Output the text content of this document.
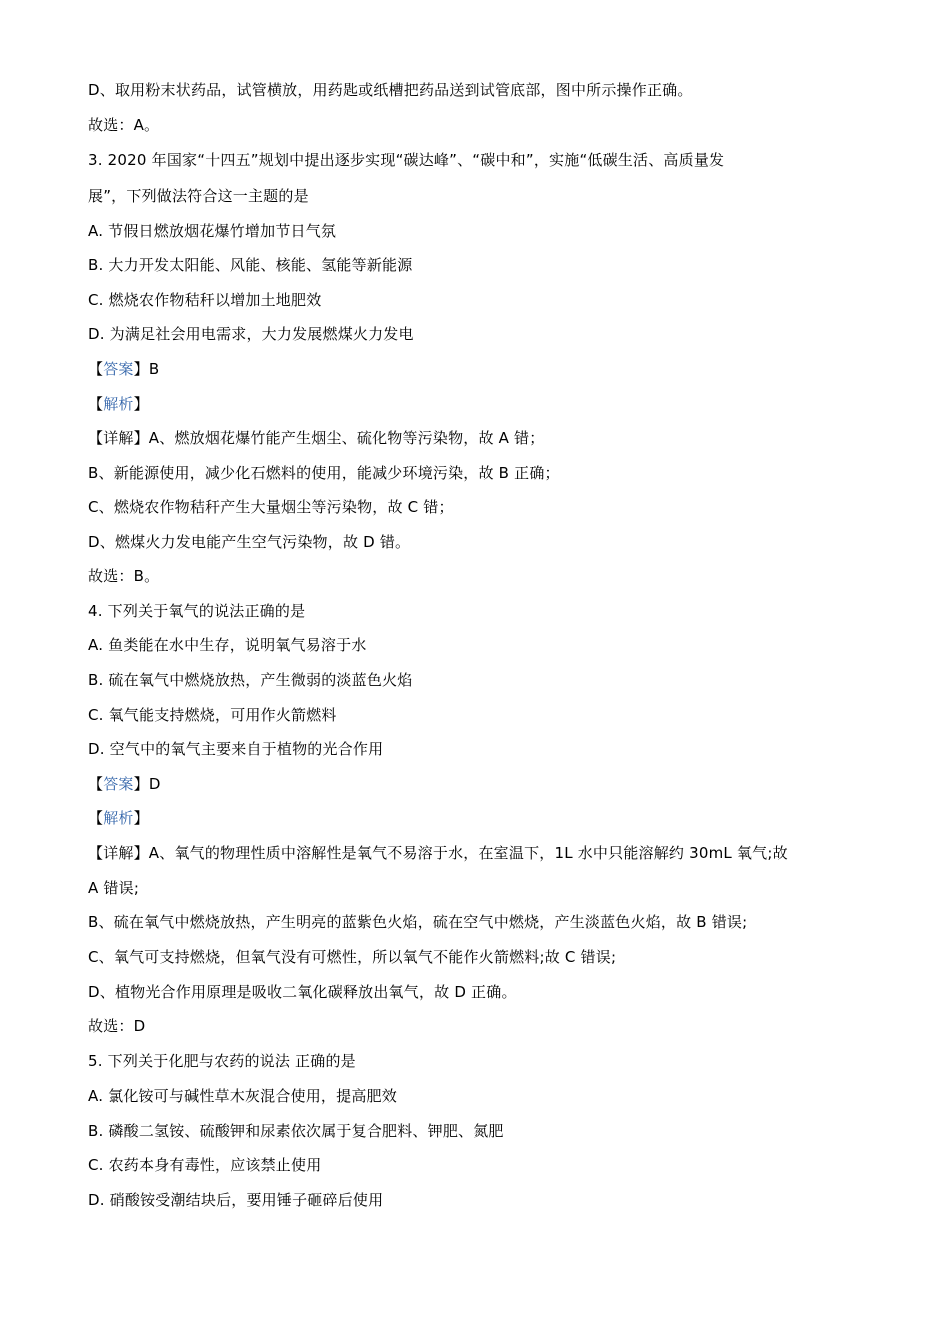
D、取用粉末状药品，试管横放，用药匙或纸槽把药品送到试管底部，图中所示操作正确。
故选：A。
3. 2020 年国家“十四五”规划中提出逐步实现“碳达峰”、“碳中和”，实施“低碳生活、高质量发
展”，下列做法符合这一主题的是
A. 节假日燃放烟花爆竹增加节日气氛
B. 大力开发太阳能、风能、核能、氢能等新能源
C. 燃烧农作物秸秆以增加土地肥效
D. 为满足社会用电需求，大力发展燃煤火力发电
【答案】B
【解析】
【详解】A、燃放烟花爆竹能产生烟尘、硫化物等污染物，故 A 错；
B、新能源使用，减少化石燃料的使用，能减少环境污染，故 B 正确；
C、燃烧农作物秸秆产生大量烟尘等污染物，故 C 错；
D、燃煤火力发电能产生空气污染物，故 D 错。
故选：B。
4. 下列关于氧气的说法正确的是
A. 鱼类能在水中生存，说明氧气易溶于水
B. 硫在氧气中燃烧放热，产生微弱的淡蓝色火焰
C. 氧气能支持燃烧，可用作火箭燃料
D. 空气中的氧气主要来自于植物的光合作用
【答案】D
【解析】
【详解】A、氧气的物理性质中溶解性是氧气不易溶于水，在室温下，1L 水中只能溶解约 30mL 氧气;故
A 错误;
B、硫在氧气中燃烧放热，产生明亮的蓝紫色火焰，硫在空气中燃烧，产生淡蓝色火焰，故 B 错误;
C、氧气可支持燃烧，但氧气没有可燃性，所以氧气不能作火箭燃料;故 C 错误;
D、植物光合作用原理是吸收二氧化碳释放出氧气，故 D 正确。
故选：D
5. 下列关于化肥与农药的说法 正确的是
A. 氯化铵可与碱性草木灰混合使用，提高肥效
B. 磷酸二氢铵、硫酸钾和尿素依次属于复合肥料、钾肥、氮肥
C. 农药本身有毒性，应该禁止使用
D. 硝酸铵受潮结块后，要用锤子砸碎后使用
